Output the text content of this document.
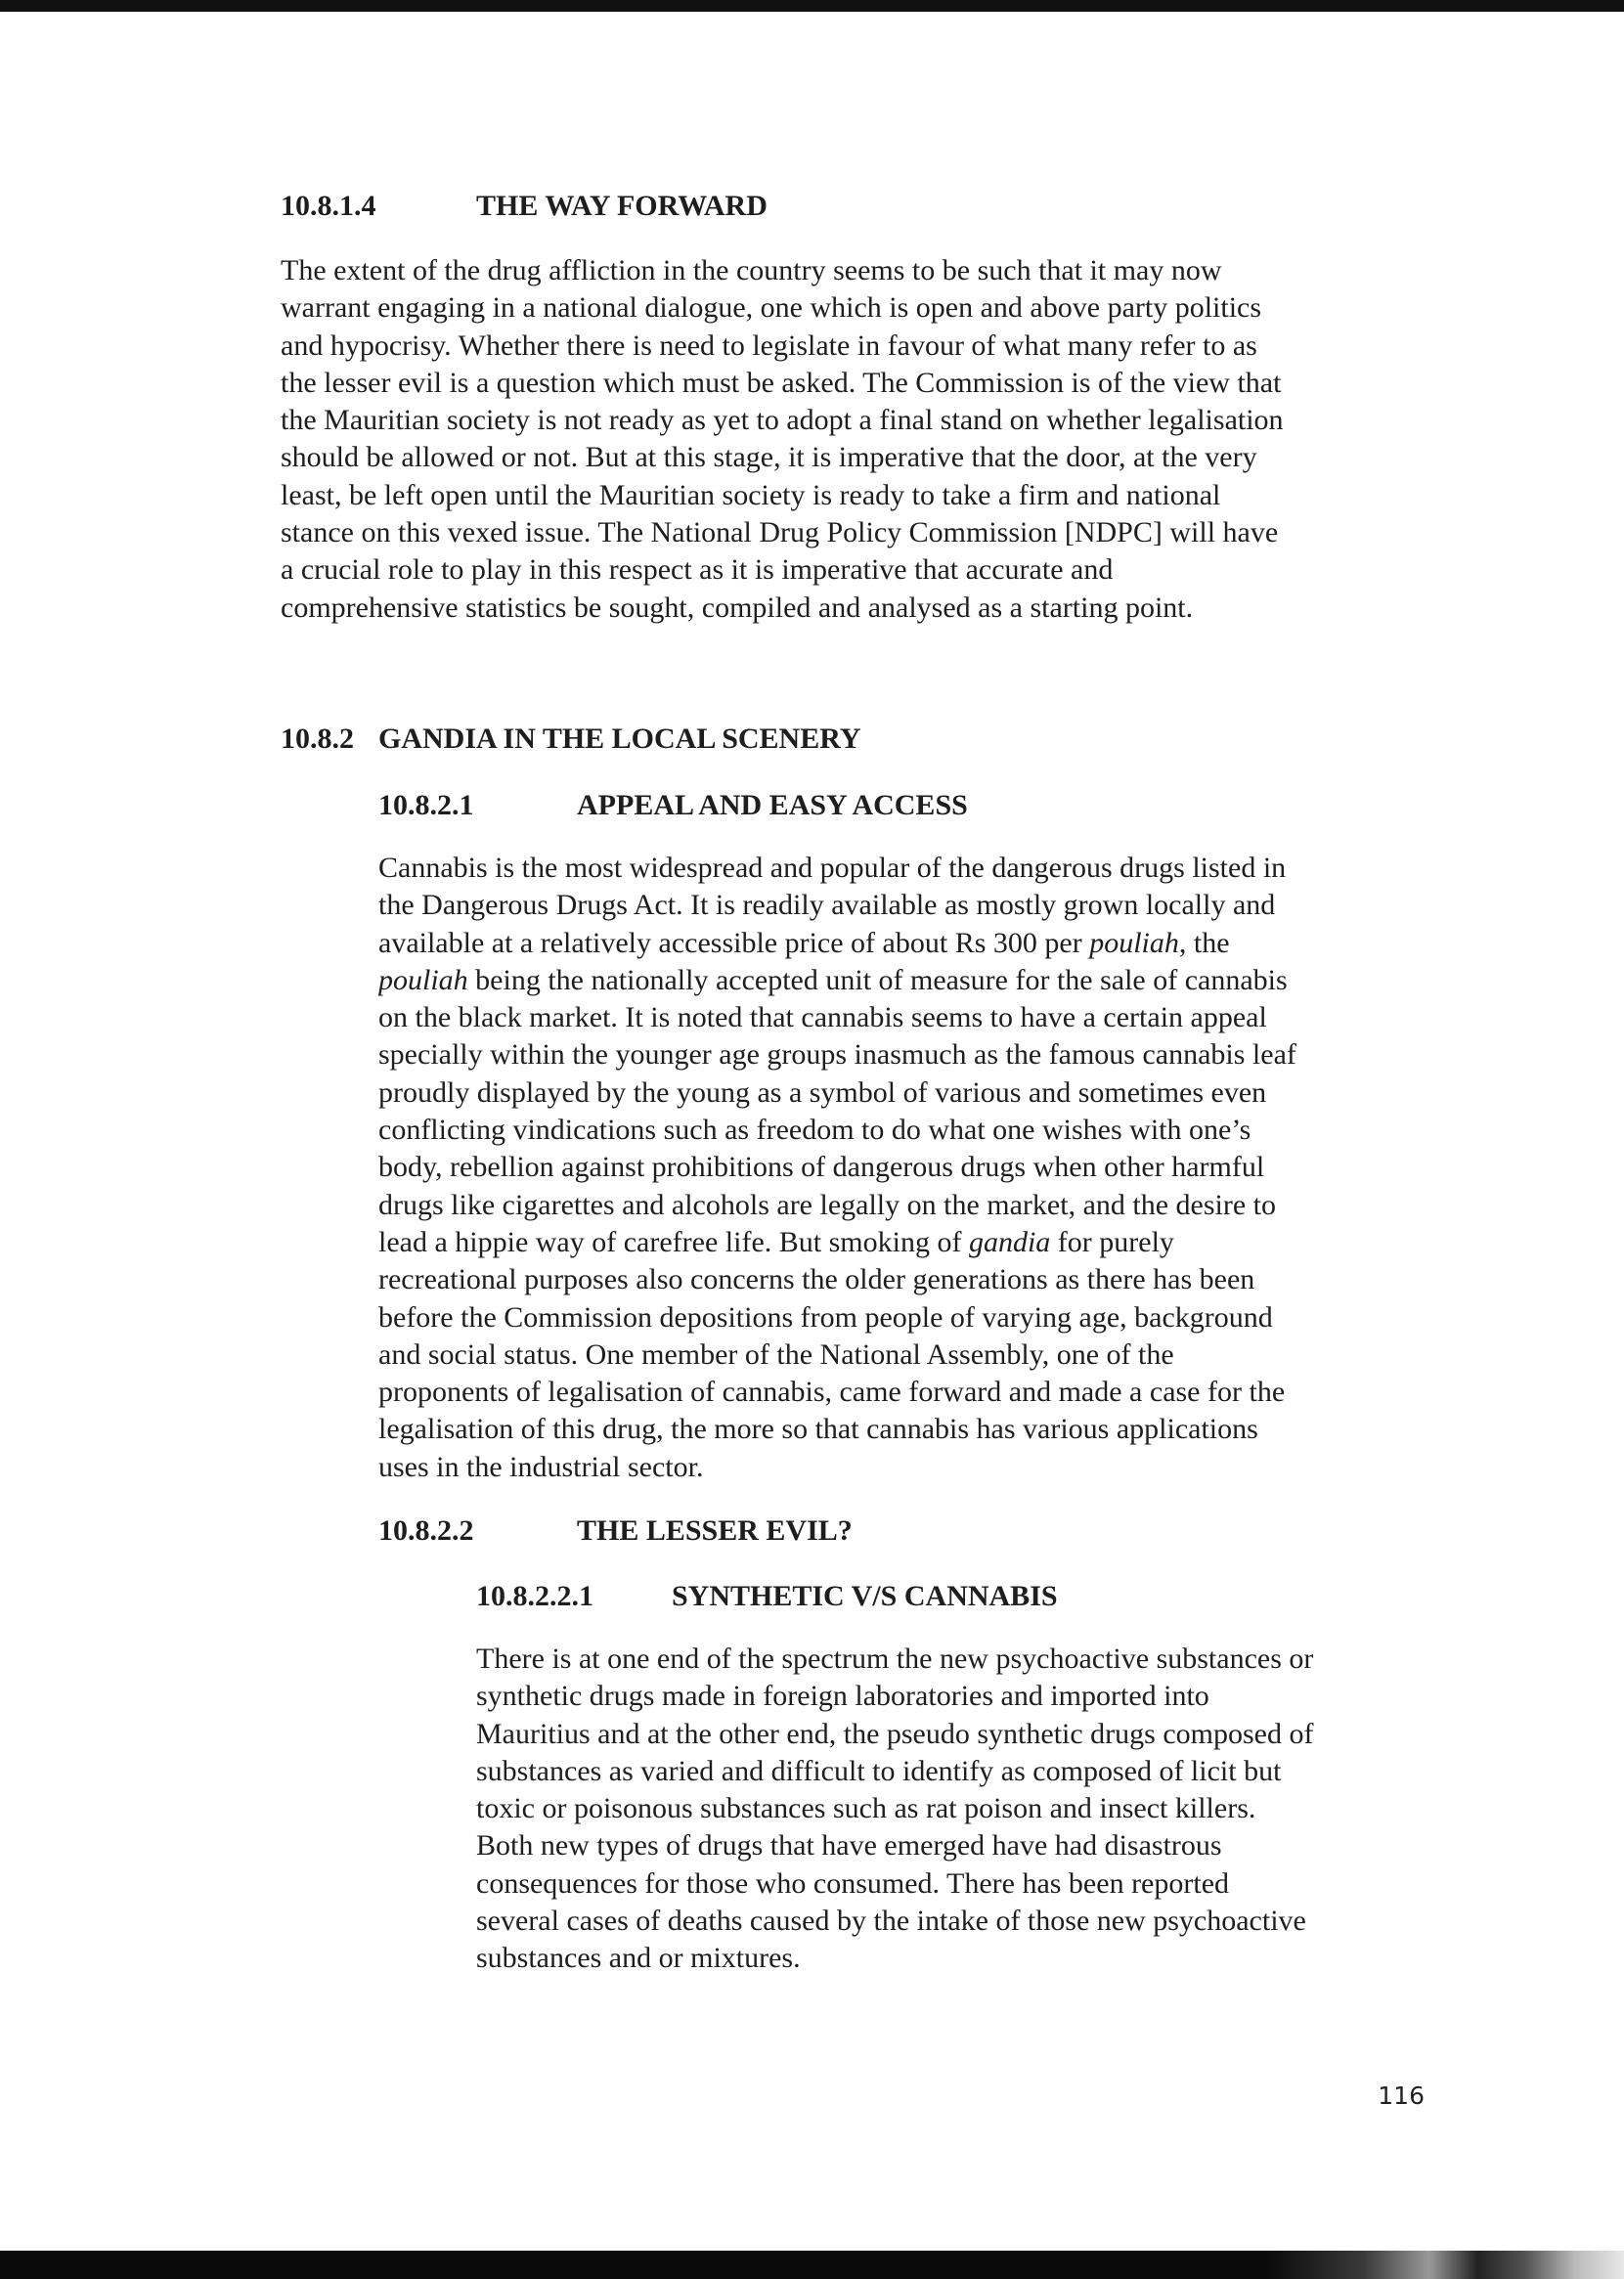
10.8.1.4	THE WAY FORWARD
The extent of the drug affliction in the country seems to be such that it may now
warrant engaging in a national dialogue, one which is open and above party politics
and hypocrisy. Whether there is need to legislate in favour of what many refer to as
the lesser evil is a question which must be asked. The Commission is of the view that
the Mauritian society is not ready as yet to adopt a final stand on whether legalisation
should be allowed or not. But at this stage, it is imperative that the door, at the very
least, be left open until the Mauritian society is ready to take a firm and national
stance on this vexed issue. The National Drug Policy Commission [NDPC] will have
a crucial role to play in this respect as it is imperative that accurate and
comprehensive statistics be sought, compiled and analysed as a starting point.
10.8.2 GANDIA IN THE LOCAL SCENERY
10.8.2.1	APPEAL AND EASY ACCESS
Cannabis is the most widespread and popular of the dangerous drugs listed in
the Dangerous Drugs Act. It is readily available as mostly grown locally and
available at a relatively accessible price of about Rs 300 per pouliah, the
pouliah being the nationally accepted unit of measure for the sale of cannabis
on the black market. It is noted that cannabis seems to have a certain appeal
specially within the younger age groups inasmuch as the famous cannabis leaf
proudly displayed by the young as a symbol of various and sometimes even
conflicting vindications such as freedom to do what one wishes with one’s
body, rebellion against prohibitions of dangerous drugs when other harmful
drugs like cigarettes and alcohols are legally on the market, and the desire to
lead a hippie way of carefree life. But smoking of gandia for purely
recreational purposes also concerns the older generations as there has been
before the Commission depositions from people of varying age, background
and social status. One member of the National Assembly, one of the
proponents of legalisation of cannabis, came forward and made a case for the
legalisation of this drug, the more so that cannabis has various applications
uses in the industrial sector.
10.8.2.2	THE LESSER EVIL?
10.8.2.2.1	SYNTHETIC V/S CANNABIS
There is at one end of the spectrum the new psychoactive substances or
synthetic drugs made in foreign laboratories and imported into
Mauritius and at the other end, the pseudo synthetic drugs composed of
substances as varied and difficult to identify as composed of licit but
toxic or poisonous substances such as rat poison and insect killers.
Both new types of drugs that have emerged have had disastrous
consequences for those who consumed. There has been reported
several cases of deaths caused by the intake of those new psychoactive
substances and or mixtures.

116
